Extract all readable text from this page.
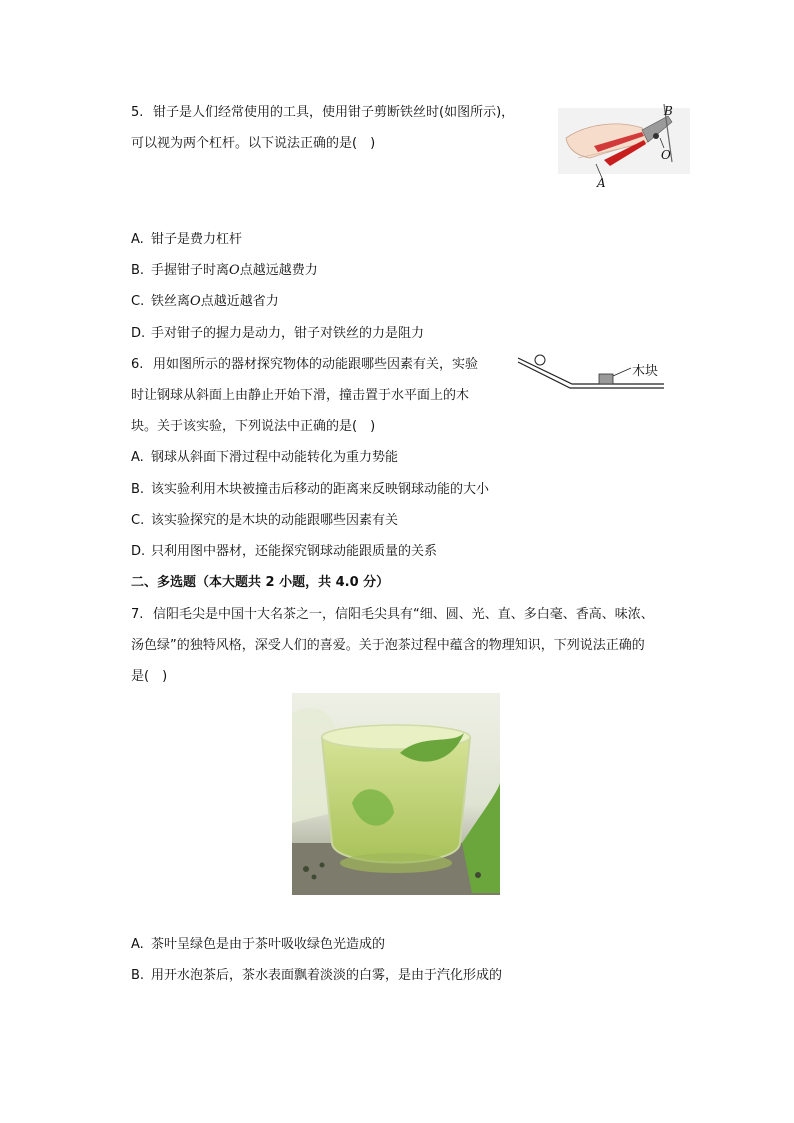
5. 钳子是人们经常使用的工具，使用钳子剪断铁丝时(如图所示)，
可以视为两个杠杆。以下说法正确的是(　)
B
O
A
A. 钳子是费力杠杆
B. 手握钳子时离O点越远越费力
C. 铁丝离O点越近越省力
D. 手对钳子的握力是动力，钳子对铁丝的力是阻力
6. 用如图所示的器材探究物体的动能跟哪些因素有关，实验
时让钢球从斜面上由静止开始下滑，撞击置于水平面上的木
块。关于该实验，下列说法中正确的是(　)
木块
A. 钢球从斜面下滑过程中动能转化为重力势能
B. 该实验利用木块被撞击后移动的距离来反映钢球动能的大小
C. 该实验探究的是木块的动能跟哪些因素有关
D. 只利用图中器材，还能探究钢球动能跟质量的关系
二、多选题（本大题共 2 小题，共 4.0 分）
7. 信阳毛尖是中国十大名茶之一，信阳毛尖具有“细、圆、光、直、多白毫、香高、味浓、
汤色绿”的独特风格，深受人们的喜爱。关于泡茶过程中蕴含的物理知识，下列说法正确的
是(　)
A. 茶叶呈绿色是由于茶叶吸收绿色光造成的
B. 用开水泡茶后，茶水表面飘着淡淡的白雾，是由于汽化形成的
